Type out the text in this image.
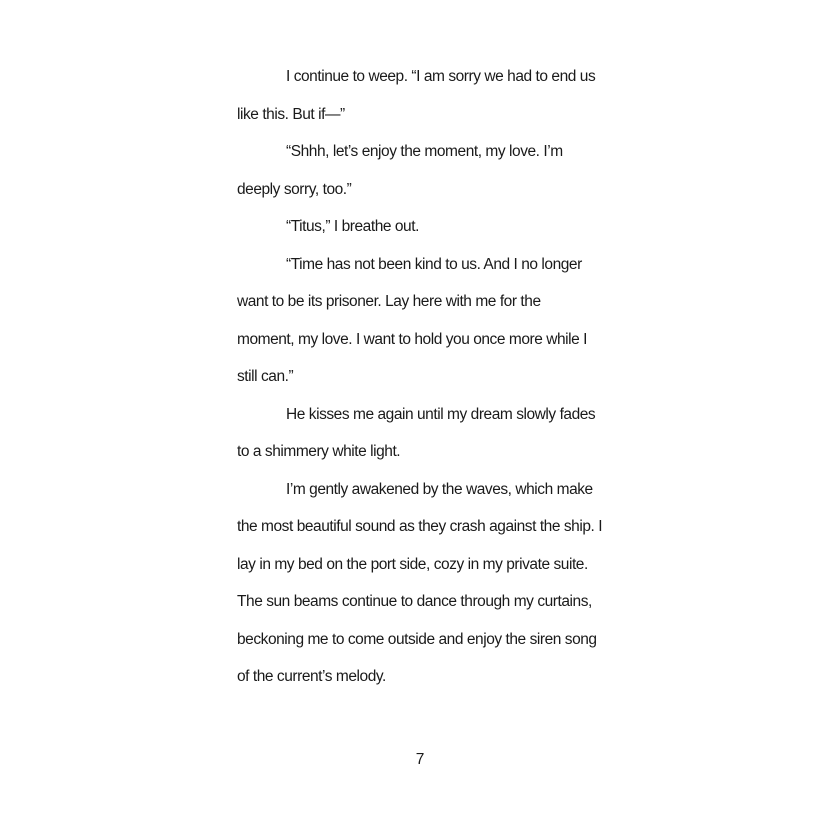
I continue to weep. “I am sorry we had to end us
like this. But if—”

“Shhh, let’s enjoy the moment, my love. I’m
deeply sorry, too.”

“Titus,” I breathe out.

“Time has not been kind to us. And I no longer
want to be its prisoner. Lay here with me for the
moment, my love. I want to hold you once more while I
still can.”

He kisses me again until my dream slowly fades
to a shimmery white light.

I’m gently awakened by the waves, which make
the most beautiful sound as they crash against the ship. I
lay in my bed on the port side, cozy in my private suite.
The sun beams continue to dance through my curtains,
beckoning me to come outside and enjoy the siren song
of the current’s melody.

7
